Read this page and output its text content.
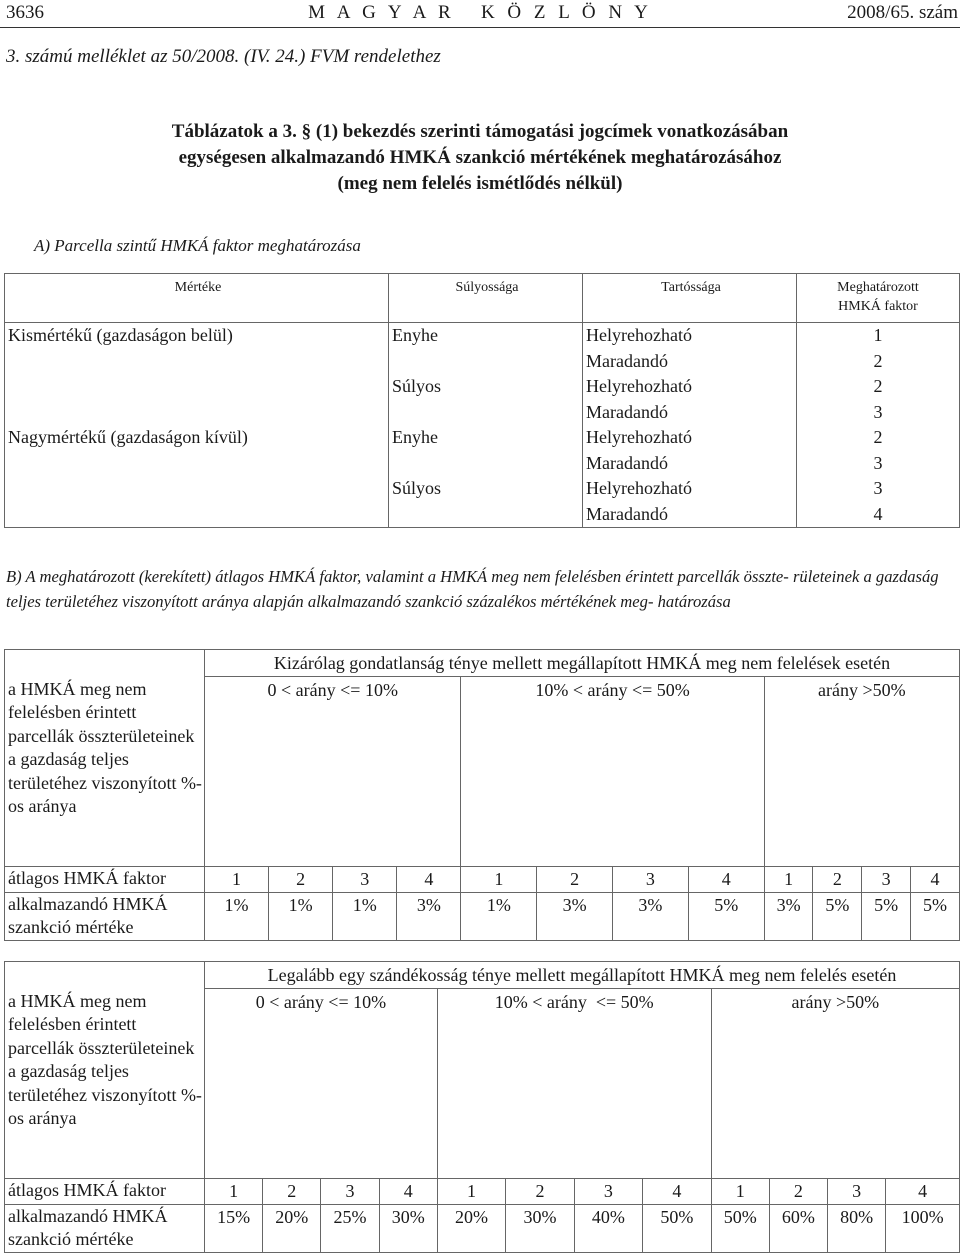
3636	M A G Y A R   K Ö Z L Ö N Y	2008/65. szám
3. számú melléklet az 50/2008. (IV. 24.) FVM rendelethez
Táblázatok a 3. § (1) bekezdés szerinti támogatási jogcímek vonatkozásában
egységesen alkalmazandó HMKÁ szankció mértékének meghatározásához
(meg nem felelés ismétlődés nélkül)
A) Parcella szintű HMKÁ faktor meghatározása
Mértéke	Súlyossága	Tartóssága	Meghatározott
HMKÁ faktor

Kismértékű (gazdaságon belül)	Enyhe	Helyrehozható	1
		Maradandó	2
	Súlyos	Helyrehozható	2
		Maradandó	3
Nagymértékű (gazdaságon kívül)	Enyhe	Helyrehozható	2
		Maradandó	3
	Súlyos	Helyrehozható	3
		Maradandó	4
B) A meghatározott (kerekített) átlagos HMKÁ faktor, valamint a HMKÁ meg nem felelésben érintett parcellák összte- rületeinek a gazdaság teljes területéhez viszonyított aránya alapján alkalmazandó szankció százalékos mértékének meg- határozása
a HMKÁ meg nem felelésben érintett parcellák összterületeinek a gazdaság teljes területéhez viszonyított %-os aránya	Kizárólag gondatlanság ténye mellett megállapított HMKÁ meg nem felelések esetén											
	0 < arány <= 10%				10% < arány <= 50%				arány >50%			
átlagos HMKÁ faktor	1	2	3	4	1	2	3	4	1	2	3	4
alkalmazandó HMKÁ szankció mértéke	1%	1%	1%	3%	1%	3%	3%	5%	3%	5%	5%	5%
a HMKÁ meg nem felelésben érintett parcellák összterületeinek a gazdaság teljes területéhez viszonyított %-os aránya	Legalább egy szándékosság ténye mellett megállapított HMKÁ meg nem felelés esetén											
	0 < arány <= 10%				10% < arány  <= 50%				arány >50%			
átlagos HMKÁ faktor	1	2	3	4	1	2	3	4	1	2	3	4
alkalmazandó HMKÁ szankció mértéke	15%	20%	25%	30%	20%	30%	40%	50%	50%	60%	80%	100%
